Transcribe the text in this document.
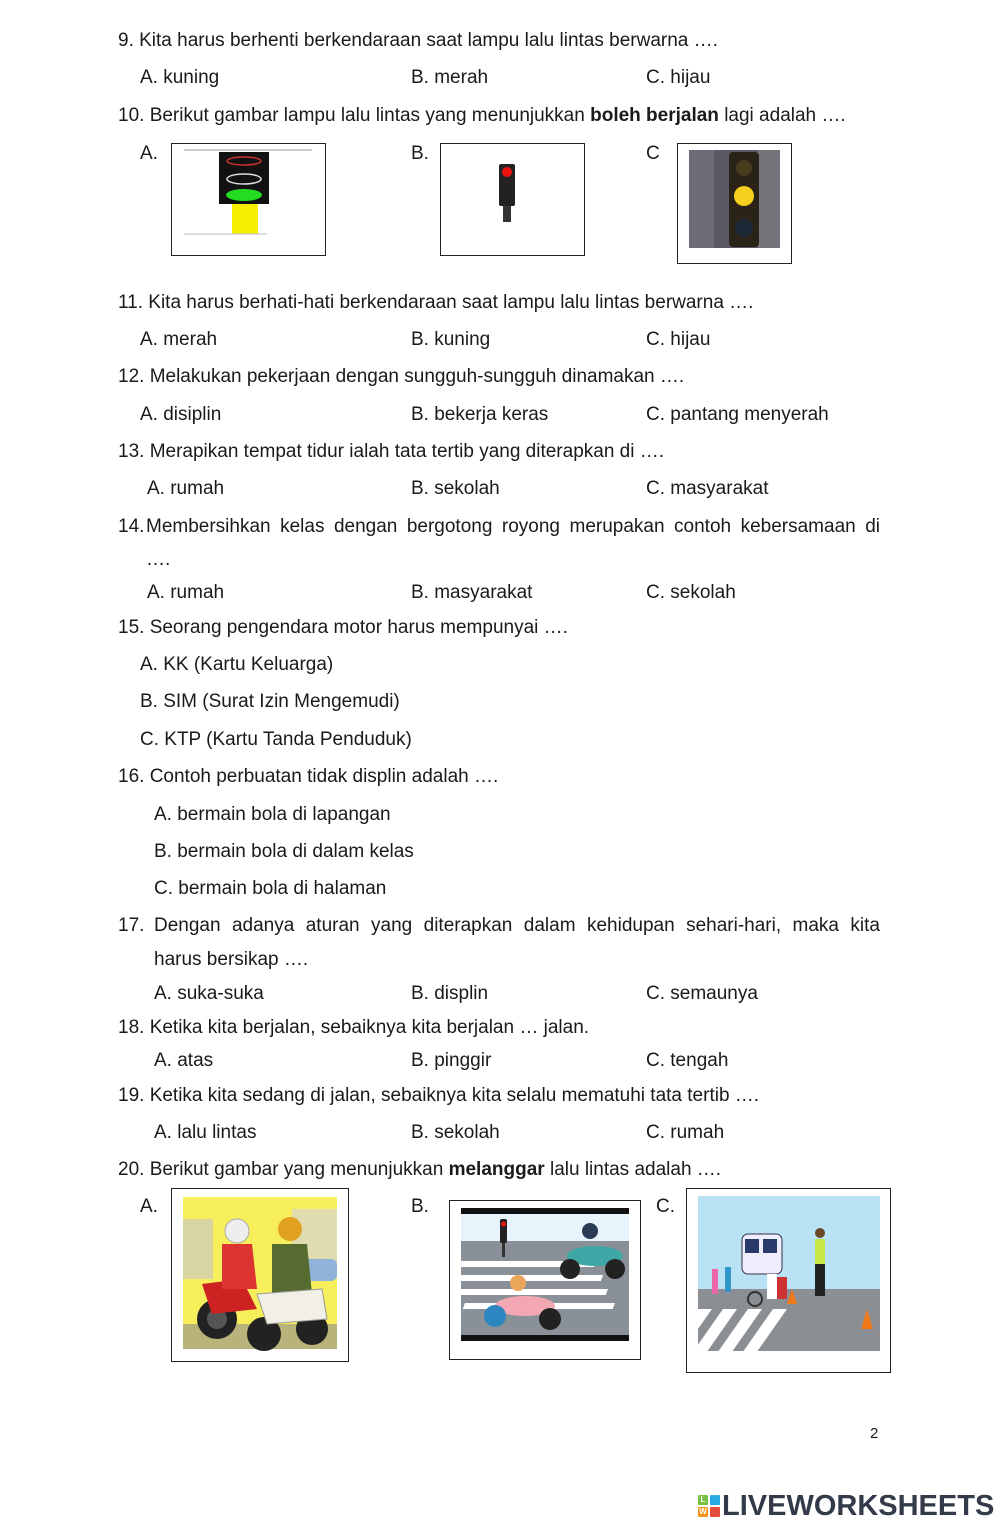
9. Kita harus berhenti berkendaraan saat lampu lalu lintas berwarna ….
A. kuning	B. merah	C. hijau
10. Berikut gambar lampu lalu lintas yang menunjukkan boleh berjalan lagi adalah ….
A.	B.	C
11. Kita harus berhati-hati berkendaraan saat lampu lalu lintas berwarna ….
A. merah	B. kuning	C. hijau
12. Melakukan pekerjaan dengan sungguh-sungguh dinamakan ….
A. disiplin	B. bekerja keras	C. pantang menyerah
13. Merapikan tempat tidur ialah tata tertib yang diterapkan di ….
A. rumah	B. sekolah	C. masyarakat
14. Membersihkan kelas dengan bergotong royong merupakan contoh kebersamaan di
….
A. rumah	B. masyarakat	C. sekolah
15. Seorang pengendara motor harus mempunyai ….
A. KK (Kartu Keluarga)
B. SIM (Surat Izin Mengemudi)
C. KTP (Kartu Tanda Penduduk)
16. Contoh perbuatan tidak displin adalah ….
A. bermain bola di lapangan
B. bermain bola di dalam kelas
C. bermain bola di halaman
17. Dengan adanya aturan yang diterapkan dalam kehidupan sehari-hari, maka kita
harus bersikap ….
A. suka-suka	B. displin	C. semaunya
18. Ketika kita berjalan, sebaiknya kita berjalan … jalan.
A. atas	B. pinggir	C. tengah
19. Ketika kita sedang di jalan, sebaiknya kita selalu mematuhi tata tertib ….
A. lalu lintas	B. sekolah	C. rumah
20. Berikut gambar yang menunjukkan melanggar lalu lintas adalah ….
A.	B.	C.
2
L
W LIVEWORKSHEETS
